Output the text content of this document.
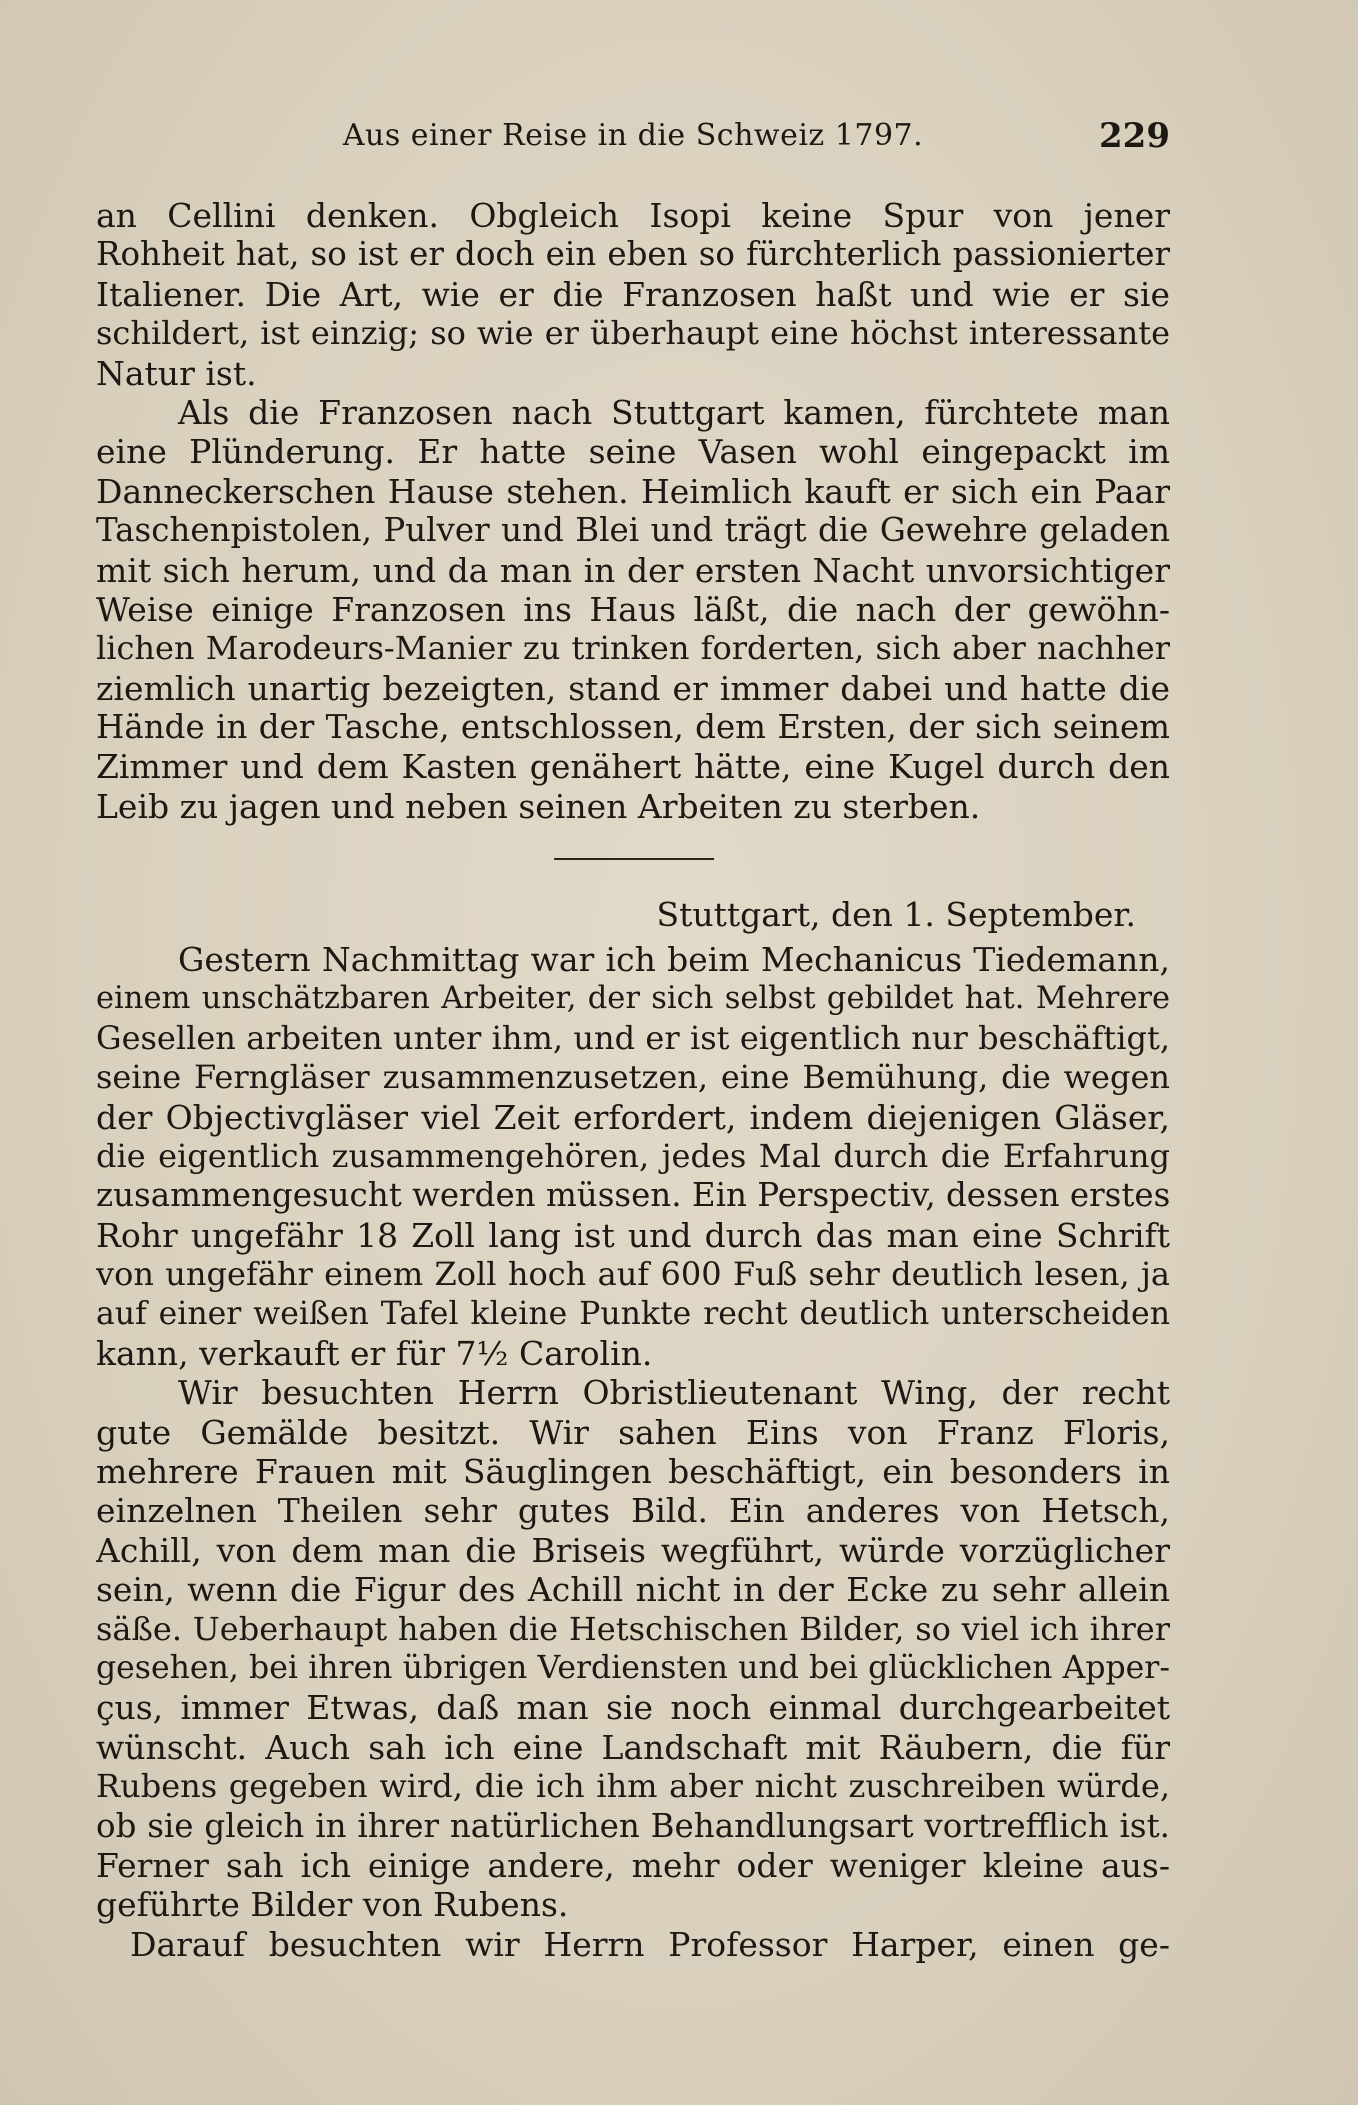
Aus einer Reise in die Schweiz 1797.	229
an Cellini denken. Obgleich Isopi keine Spur von jener
Rohheit hat, so ist er doch ein eben so fürchterlich passionierter
Italiener. Die Art, wie er die Franzosen haßt und wie er sie
schildert, ist einzig; so wie er überhaupt eine höchst interessante
Natur ist.
Als die Franzosen nach Stuttgart kamen, fürchtete man
eine Plünderung. Er hatte seine Vasen wohl eingepackt im
Danneckerschen Hause stehen. Heimlich kauft er sich ein Paar
Taschenpistolen, Pulver und Blei und trägt die Gewehre geladen
mit sich herum, und da man in der ersten Nacht unvorsichtiger
Weise einige Franzosen ins Haus läßt, die nach der gewöhn-
lichen Marodeurs-Manier zu trinken forderten, sich aber nachher
ziemlich unartig bezeigten, stand er immer dabei und hatte die
Hände in der Tasche, entschlossen, dem Ersten, der sich seinem
Zimmer und dem Kasten genähert hätte, eine Kugel durch den
Leib zu jagen und neben seinen Arbeiten zu sterben.
Stuttgart, den 1. September.
Gestern Nachmittag war ich beim Mechanicus Tiedemann,
einem unschätzbaren Arbeiter, der sich selbst gebildet hat. Mehrere
Gesellen arbeiten unter ihm, und er ist eigentlich nur beschäftigt,
seine Ferngläser zusammenzusetzen, eine Bemühung, die wegen
der Objectivgläser viel Zeit erfordert, indem diejenigen Gläser,
die eigentlich zusammengehören, jedes Mal durch die Erfahrung
zusammengesucht werden müssen. Ein Perspectiv, dessen erstes
Rohr ungefähr 18 Zoll lang ist und durch das man eine Schrift
von ungefähr einem Zoll hoch auf 600 Fuß sehr deutlich lesen, ja
auf einer weißen Tafel kleine Punkte recht deutlich unterscheiden
kann, verkauft er für 7½ Carolin.
Wir besuchten Herrn Obristlieutenant Wing, der recht
gute Gemälde besitzt. Wir sahen Eins von Franz Floris,
mehrere Frauen mit Säuglingen beschäftigt, ein besonders in
einzelnen Theilen sehr gutes Bild. Ein anderes von Hetsch,
Achill, von dem man die Briseis wegführt, würde vorzüglicher
sein, wenn die Figur des Achill nicht in der Ecke zu sehr allein
säße. Ueberhaupt haben die Hetschischen Bilder, so viel ich ihrer
gesehen, bei ihren übrigen Verdiensten und bei glücklichen Apper-
çus, immer Etwas, daß man sie noch einmal durchgearbeitet
wünscht. Auch sah ich eine Landschaft mit Räubern, die für
Rubens gegeben wird, die ich ihm aber nicht zuschreiben würde,
ob sie gleich in ihrer natürlichen Behandlungsart vortrefflich ist.
Ferner sah ich einige andere, mehr oder weniger kleine aus-
geführte Bilder von Rubens.
Darauf besuchten wir Herrn Professor Harper, einen ge-
